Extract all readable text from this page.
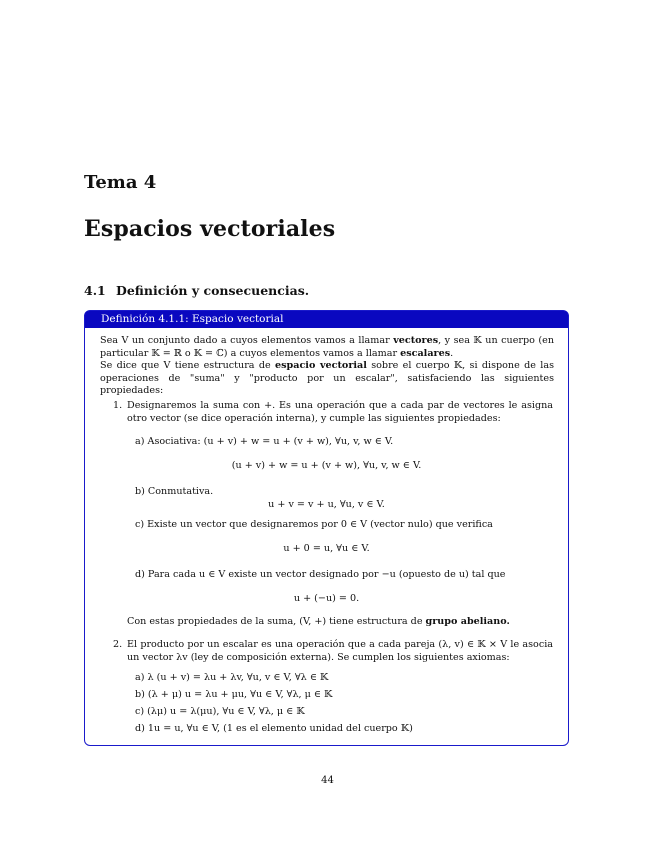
Tema 4
Espacios vectoriales
4.1 Definición y consecuencias.
Definición 4.1.1: Espacio vectorial

Sea V un conjunto dado a cuyos elementos vamos a llamar vectores, y sea 𝕂 un cuerpo (en particular 𝕂 = ℝ o 𝕂 = ℂ) a cuyos elementos vamos a llamar escalares.

Se dice que V tiene estructura de espacio vectorial sobre el cuerpo 𝕂, si dispone de las operaciones de "suma" y "producto por un escalar", satisfaciendo las siguientes propiedades:

1. Designaremos la suma con +. Es una operación que a cada par de vectores le asigna otro vector (se dice operación interna), y cumple las siguientes propiedades:
a) Asociativa: (u + v) + w = u + (v + w), ∀u, v, w ∈ V.
(u + v) + w = u + (v + w), ∀u, v, w ∈ V.
b) Conmutativa.
u + v = v + u, ∀u, v ∈ V.
c) Existe un vector que designaremos por 0 ∈ V (vector nulo) que verifica
u + 0 = u, ∀u ∈ V.
d) Para cada u ∈ V existe un vector designado por −u (opuesto de u) tal que
u + (−u) = 0.
Con estas propiedades de la suma, (V, +) tiene estructura de grupo abeliano.
2. El producto por un escalar es una operación que a cada pareja (λ, v) ∈ 𝕂 × V le asocia un vector λv (ley de composición externa). Se cumplen los siguientes axiomas:
a) λ (u + v) = λu + λv, ∀u, v ∈ V, ∀λ ∈ 𝕂
b) (λ + μ) u = λu + μu, ∀u ∈ V, ∀λ, μ ∈ 𝕂
c) (λμ) u = λ(μu), ∀u ∈ V, ∀λ, μ ∈ 𝕂
d) 1u = u, ∀u ∈ V, (1 es el elemento unidad del cuerpo 𝕂)
44
